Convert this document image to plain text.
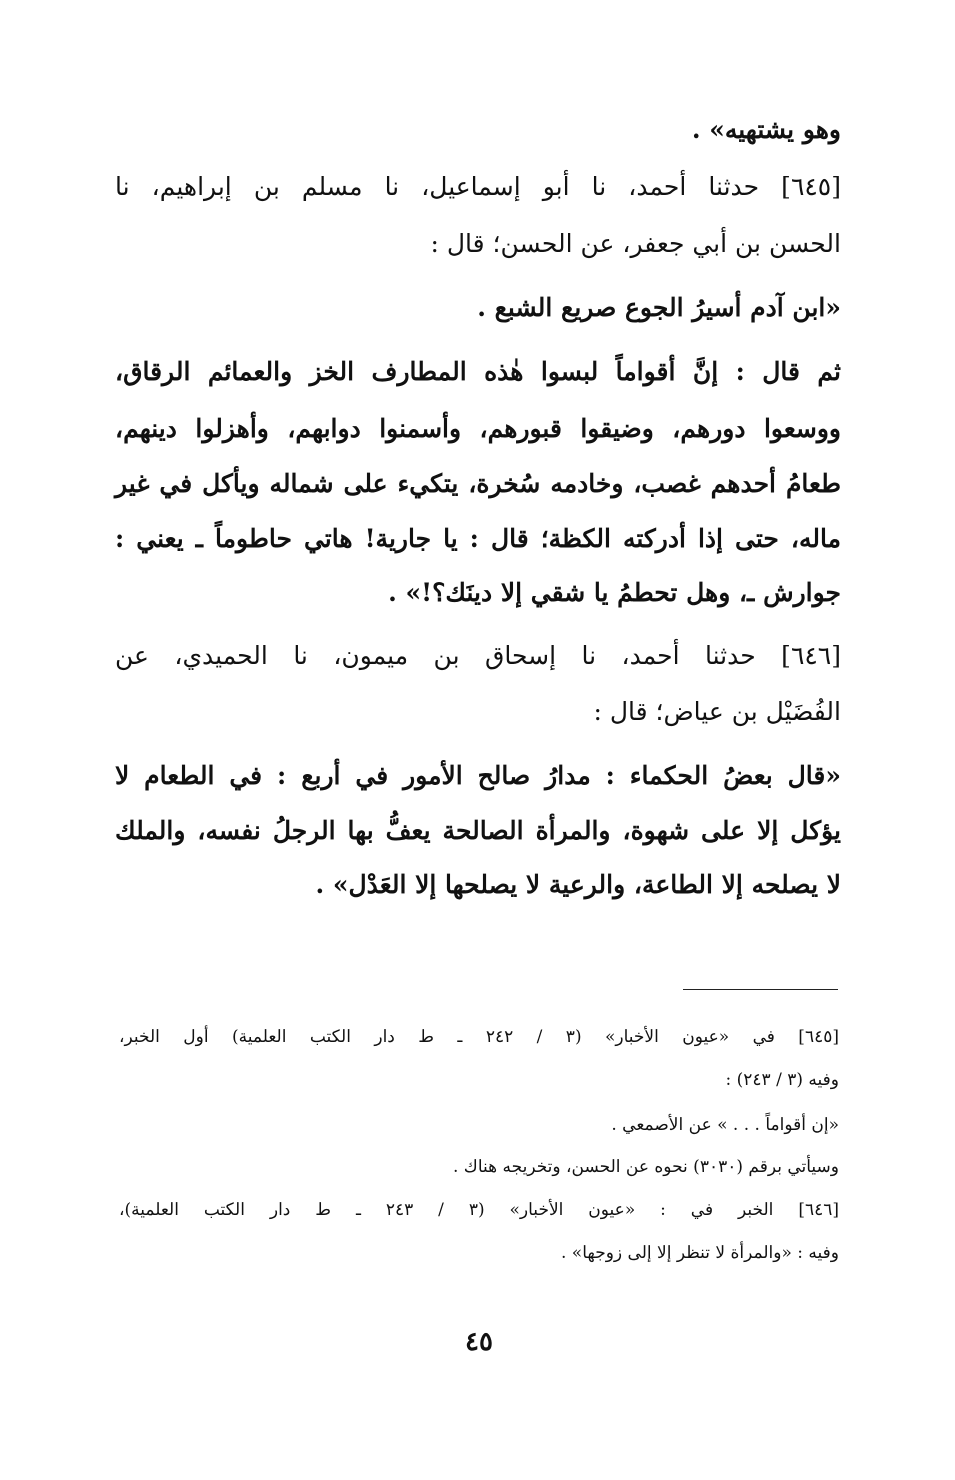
وهو يشتهيه» .
[٦٤٥] حدثنا أحمد، نا أبو إسماعيل، نا مسلم بن إبراهيم، نا
الحسن بن أبي جعفر، عن الحسن؛ قال :
«ابن آدم أسيرُ الجوع صريع الشبع .
ثم قال : إنَّ أقواماً لبسوا هٰذه المطارف الخز والعمائم الرقاق،
ووسعوا دورهم، وضيقوا قبورهم، وأسمنوا دوابهم، وأهزلوا دينهم،
طعامُ أحدهم غصب، وخادمه سُخرة، يتكيء على شماله ويأكل في غير
ماله، حتى إذا أدركته الكظة؛ قال : يا جارية! هاتي حاطوماً ـ يعني :
جوارش ـ، وهل تحطمُ يا شقي إلا دينَك؟!» .
[٦٤٦] حدثنا أحمد، نا إسحاق بن ميمون، نا الحميدي، عن
الفُضَيْل بن عياض؛ قال :
«قال بعضُ الحكماء : مدارُ صالح الأمور في أربع : في الطعام لا
يؤكل إلا على شهوة، والمرأة الصالحة يعفُّ بها الرجلُ نفسه، والملك
لا يصلحه إلا الطاعة، والرعية لا يصلحها إلا العَدْل» .
[٦٤٥] في «عيون الأخبار» (٣ / ٢٤٢ ـ ط دار الكتب العلمية) أول الخبر،
وفيه (٣ / ٢٤٣) :
«إن أقواماً . . . » عن الأصمعي .
وسيأتي برقم (٣٠٣٠) نحوه عن الحسن، وتخريجه هناك .
[٦٤٦] الخبر في : «عيون الأخبار» (٣ / ٢٤٣ ـ ط دار الكتب العلمية)،
وفيه : «والمرأة لا تنظر إلا إلى زوجها» .
٤٥
